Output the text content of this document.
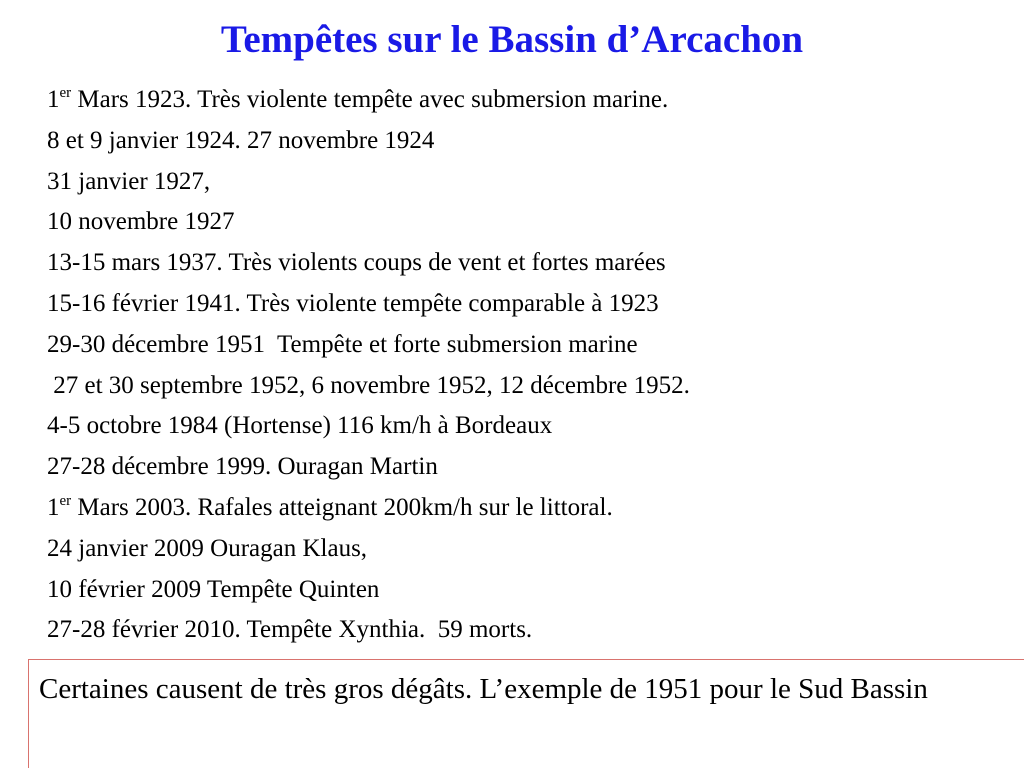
Tempêtes sur le Bassin d’Arcachon
1er Mars 1923. Très violente tempête avec submersion marine.
8 et 9 janvier 1924. 27 novembre 1924
31 janvier 1927,
10 novembre 1927
13-15 mars 1937. Très violents coups de vent et fortes marées
15-16 février 1941. Très violente tempête comparable à 1923
29-30 décembre 1951  Tempête et forte submersion marine
27 et 30 septembre 1952, 6 novembre 1952, 12 décembre 1952.
4-5 octobre 1984 (Hortense) 116 km/h à Bordeaux
27-28 décembre 1999. Ouragan Martin
1er Mars 2003. Rafales atteignant 200km/h sur le littoral.
24 janvier 2009 Ouragan Klaus,
10 février 2009 Tempête Quinten
27-28 février 2010. Tempête Xynthia.  59 morts.

Certaines causent de très gros dégâts. L’exemple de 1951 pour le Sud Bassin
